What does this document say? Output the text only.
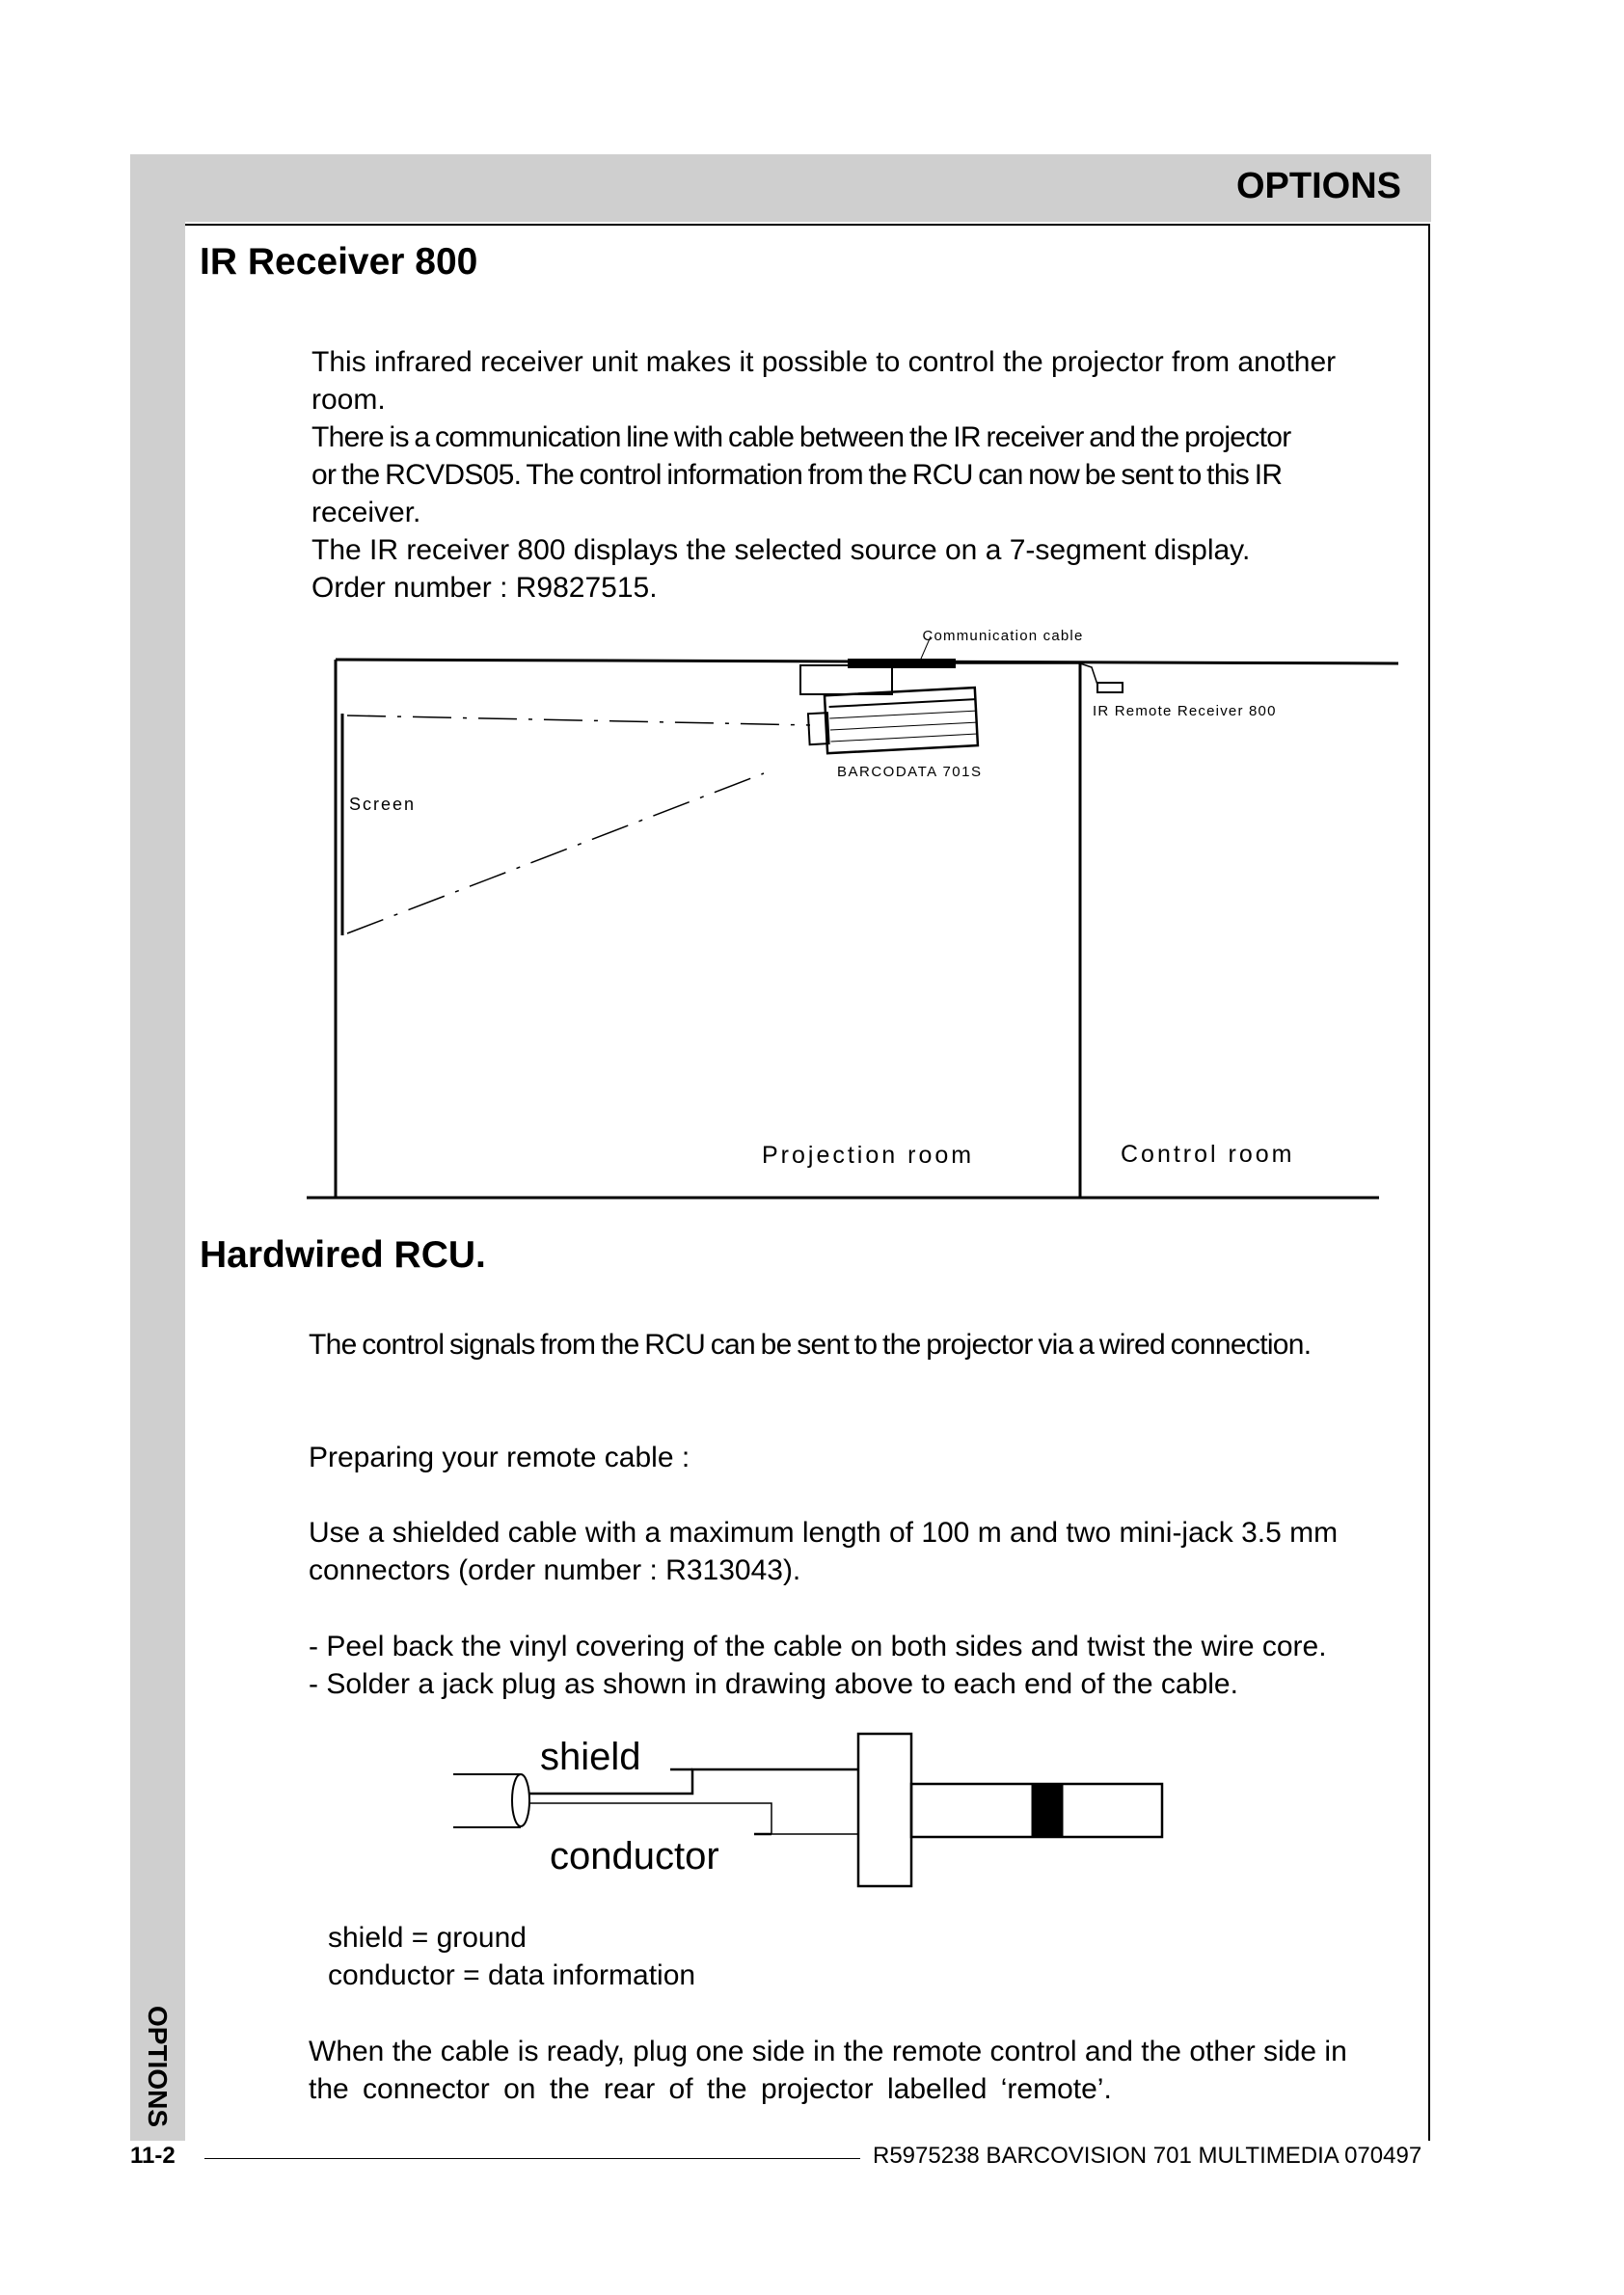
OPTIONS
IR Receiver 800
This infrared receiver unit makes it possible to control the projector from another
room.
There is a communication line with cable between the IR receiver and the projector
or the RCVDS05. The control information from the RCU can now be sent to this IR
receiver.
The IR receiver 800 displays the selected source on a 7-segment display.
Order number : R9827515.
Communication cable
IR Remote Receiver 800
BARCODATA 701S
Screen
Projection room	Control room
Hardwired RCU.

The control signals from the RCU can be sent to the projector via a wired connection.

Preparing your remote cable :

Use a shielded cable with a maximum length of 100 m and two mini-jack 3.5 mm

connectors (order number : R313043).

- Peel back the vinyl covering of the cable on both sides and twist the wire core.

- Solder a jack plug as shown in drawing above to each end of the cable.

shield
conductor

shield = ground

conductor = data information

When the cable is ready, plug one side in the remote control and the other side in

the connector on the rear of the projector labelled ‘remote’.

11-2	R5975238 BARCOVISION 701 MULTIMEDIA 070497
